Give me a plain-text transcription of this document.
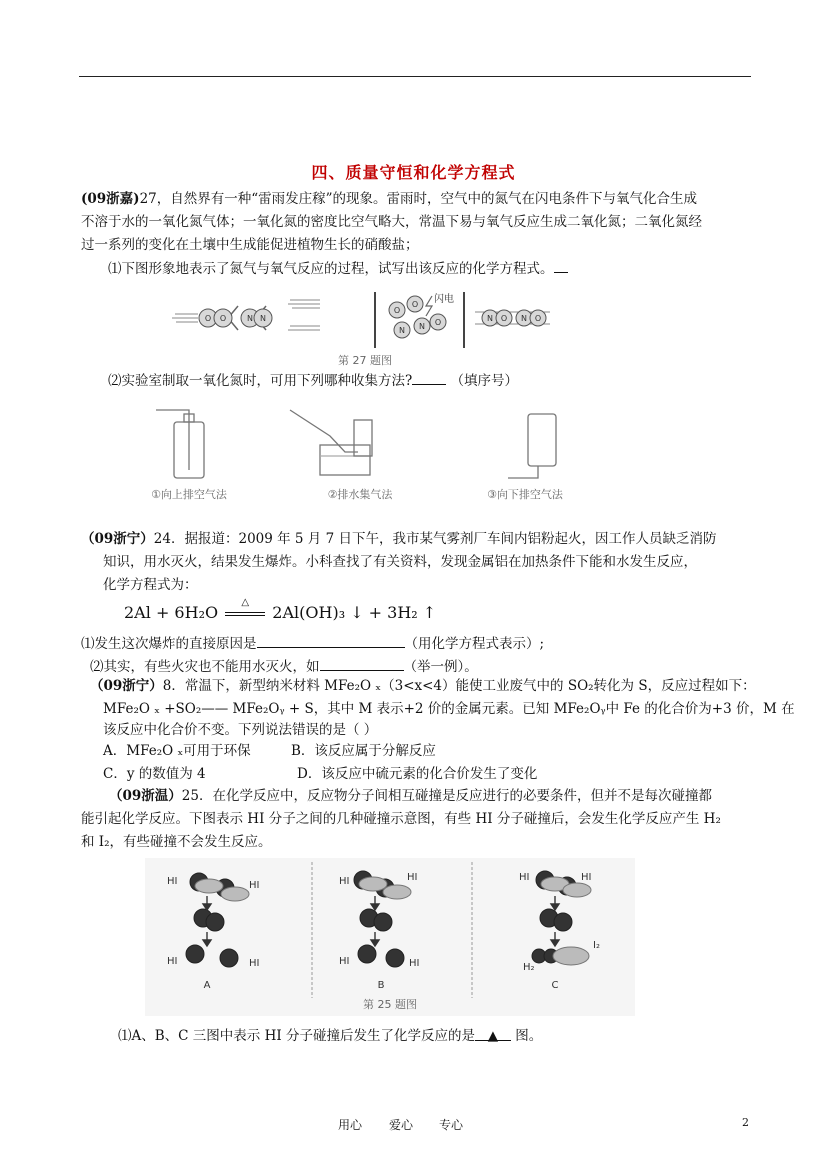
四、质量守恒和化学方程式
(09浙嘉)27，自然界有一种“雷雨发庄稼”的现象。雷雨时，空气中的氮气在闪电条件下与氧气化合生成
不溶于水的一氧化氮气体；一氧化氮的密度比空气略大，常温下易与氧气反应生成二氧化氮；二氧化氮经
过一系列的变化在土壤中生成能促进植物生长的硝酸盐；
⑴下图形象地表示了氮气与氧气反应的过程，试写出该反应的化学方程式。
O O	N N
O
O
N N O
闪电
N O N O
第 27 题图
⑵实验室制取一氧化氮时，可用下列哪种收集方法?	（填序号）
①向上排空气法	②排水集气法	③向下排空气法
（09浙宁）24．据报道：2009 年 5 月 7 日下午，我市某气雾剂厂车间内铝粉起火，因工作人员缺乏消防
知识，用水灭火，结果发生爆炸。小科查找了有关资料，发现金属铝在加热条件下能和水发生反应，
化学方程式为：
2Al + 6H₂O
△
2Al(OH)₃ ↓ + 3H₂ ↑
⑴发生这次爆炸的直接原因是	（用化学方程式表示）;
⑵其实，有些火灾也不能用水灭火，如	（举一例）。
（09浙宁）8．常温下，新型纳米材料 MFe₂O ₓ（3<x<4）能使工业废气中的 SO₂转化为 S，反应过程如下：
MFe₂O ₓ +SO₂—— MFe₂Oᵧ + S，其中 M 表示+2 价的金属元素。已知 MFe₂Oᵧ中 Fe 的化合价为+3 价，M 在
该反应中化合价不变。下列说法错误的是（ ）
A．MFe₂O ₓ可用于环保	B．该反应属于分解反应
C．y 的数值为 4	D．该反应中硫元素的化合价发生了变化
（09浙温）25．在化学反应中，反应物分子间相互碰撞是反应进行的必要条件，但并不是每次碰撞都
能引起化学反应。下图表示 HI 分子之间的几种碰撞示意图，有些 HI 分子碰撞后，会发生化学反应产生 H₂
和 I₂，有些碰撞不会发生反应。
HI	HI
HI	HI
HI	HI
HI	HI
HI	HI
H₂
I₂
A	B	C
第 25 题图
⑴A、B、C 三图中表示 HI 分子碰撞后发生了化学反应的是 ▲ 图。
用心 爱心 专心	2
